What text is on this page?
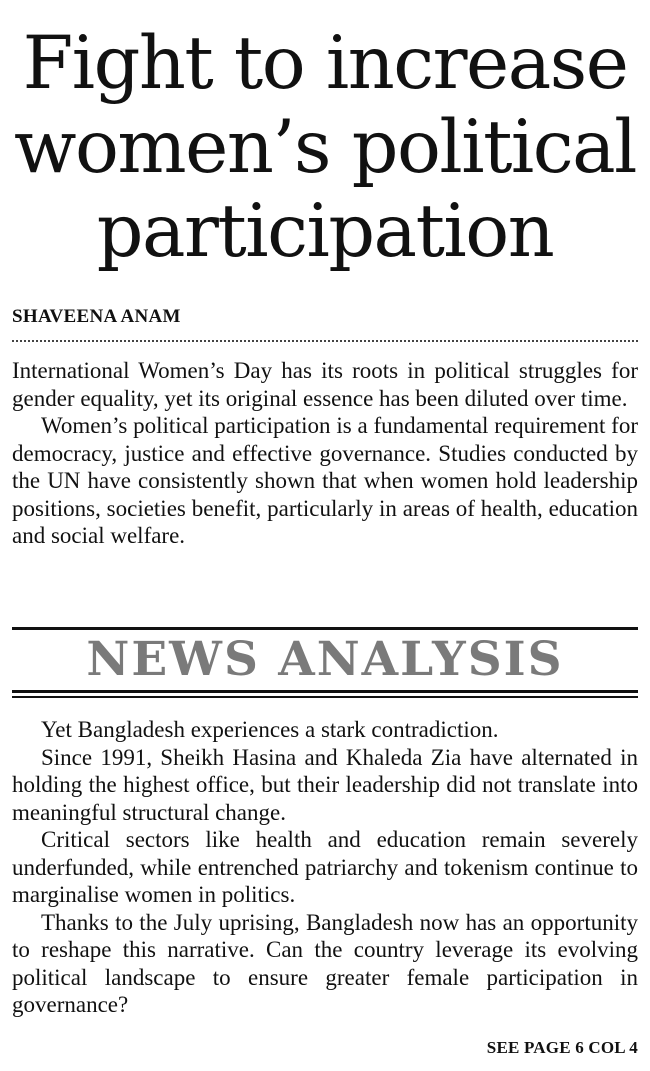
Fight to increase
women’s political
participation
SHAVEENA ANAM

International Women’s Day has its roots in political struggles for gender equality, yet its original essence has been diluted over time.

Women’s political participation is a fundamental requirement for democracy, justice and effective governance. Studies conducted by the UN have consistently shown that when women hold leadership positions, societies benefit, particularly in areas of health, education and social welfare.

NEWS ANALYSIS

Yet Bangladesh experiences a stark contradiction.

Since 1991, Sheikh Hasina and Khaleda Zia have alternated in holding the highest office, but their leadership did not translate into meaningful structural change.

Critical sectors like health and education remain severely underfunded, while entrenched patriarchy and tokenism continue to marginalise women in politics.

Thanks to the July uprising, Bangladesh now has an opportunity to reshape this narrative. Can the country leverage its evolving political landscape to ensure greater female participation in governance?

SEE PAGE 6 COL 4
